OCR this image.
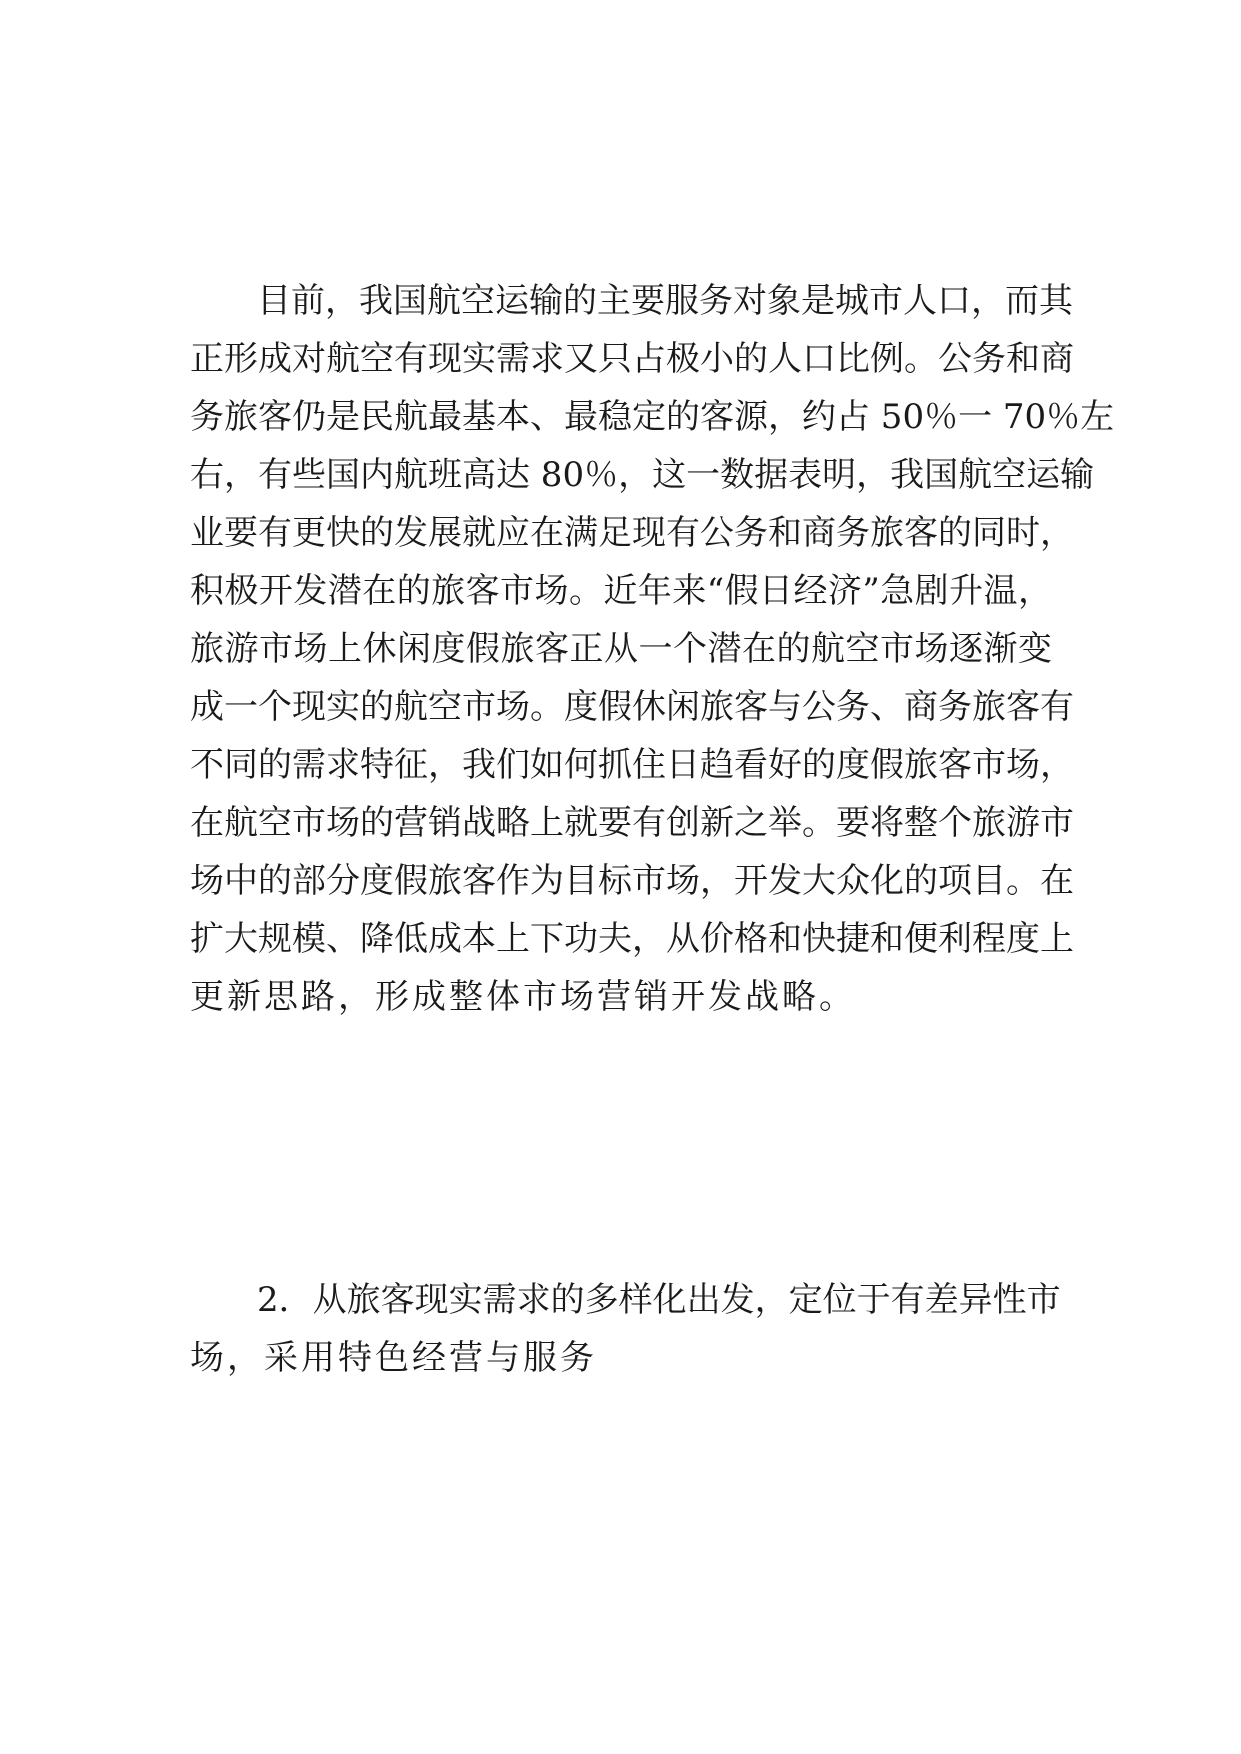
目前，我国航空运输的主要服务对象是城市人口，而其
正形成对航空有现实需求又只占极小的人口比例。公务和商
务旅客仍是民航最基本、最稳定的客源，约占 50％一 70％左
右，有些国内航班高达 80％，这一数据表明，我国航空运输
业要有更快的发展就应在满足现有公务和商务旅客的同时，
积极开发潜在的旅客市场。近年来“假日经济”急剧升温，
旅游市场上休闲度假旅客正从一个潜在的航空市场逐渐变
成一个现实的航空市场。度假休闲旅客与公务、商务旅客有
不同的需求特征，我们如何抓住日趋看好的度假旅客市场，
在航空市场的营销战略上就要有创新之举。要将整个旅游市
场中的部分度假旅客作为目标市场，开发大众化的项目。在
扩大规模、降低成本上下功夫，从价格和快捷和便利程度上
更新思路，形成整体市场营销开发战略。
2．从旅客现实需求的多样化出发，定位于有差异性市
场，采用特色经营与服务
